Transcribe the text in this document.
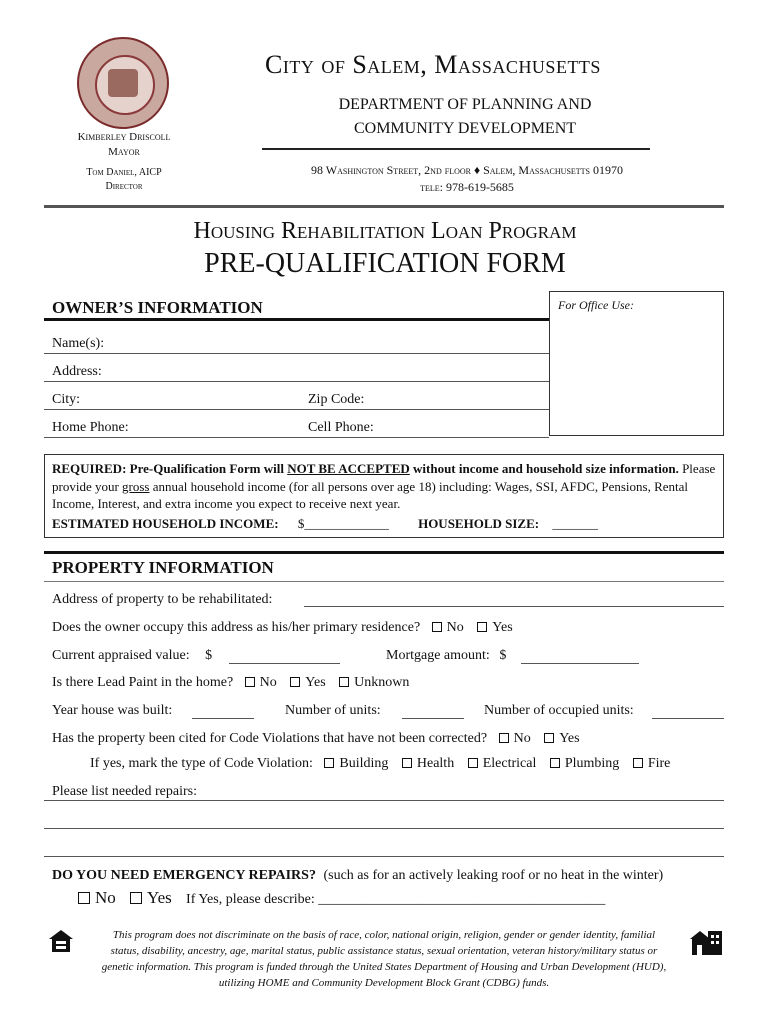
Kimberley Driscoll
Mayor
Tom Daniel, AICP
Director
City of Salem, Massachusetts
DEPARTMENT OF PLANNING AND
COMMUNITY DEVELOPMENT
98 Washington Street, 2nd floor ♦ Salem, Massachusetts 01970
tele: 978-619-5685
Housing Rehabilitation Loan Program
PRE-QUALIFICATION FORM
OWNER’S INFORMATION	For Office Use:
Name(s):
Address:
City:	Zip Code:
Home Phone:	Cell Phone:
REQUIRED: Pre-Qualification Form will NOT BE ACCEPTED without income and household size information. Please provide your gross annual household income (for all persons over age 18) including: Wages, SSI, AFDC, Pensions, Rental Income, Interest, and extra income you expect to receive next year.
ESTIMATED HOUSEHOLD INCOME: $_____________ HOUSEHOLD SIZE: _______
PROPERTY INFORMATION
Address of property to be rehabilitated:
Does the owner occupy this address as his/her primary residence? No Yes
Current appraised value: $	Mortgage amount: $
Is there Lead Paint in the home? No Yes Unknown
Year house was built:	Number of units:	Number of occupied units:
Has the property been cited for Code Violations that have not been corrected? No Yes
If yes, mark the type of Code Violation: Building Health Electrical Plumbing Fire
Please list needed repairs:
DO YOU NEED EMERGENCY REPAIRS? (such as for an actively leaking roof or no heat in the winter)
No Yes If Yes, please describe: _________________________________________
This program does not discriminate on the basis of race, color, national origin, religion, gender or gender identity, familial status, disability, ancestry, age, marital status, public assistance status, sexual orientation, veteran history/military status or genetic information. This program is funded through the United States Department of Housing and Urban Development (HUD), utilizing HOME and Community Development Block Grant (CDBG) funds.
